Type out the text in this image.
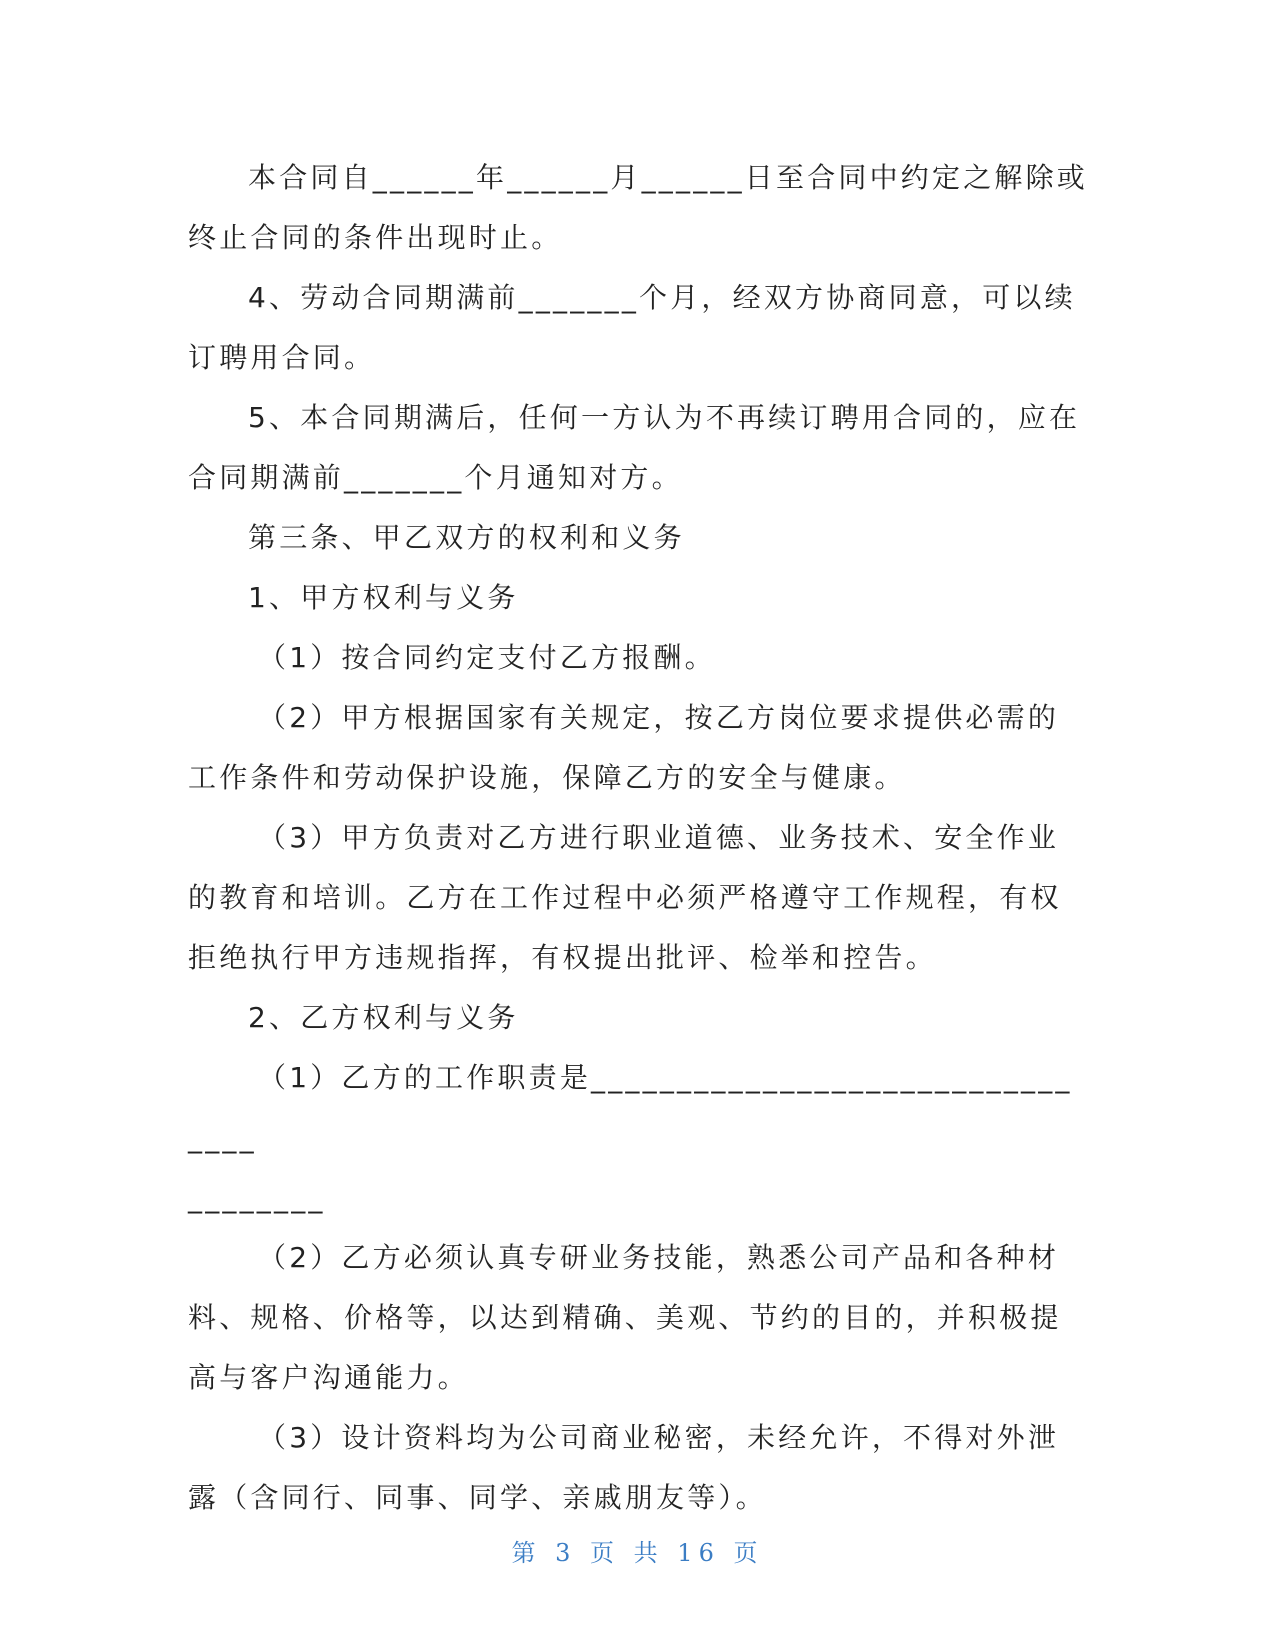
本合同自______年______月______日至合同中约定之解除或终止合同的条件出现时止。

4、劳动合同期满前_______个月，经双方协商同意，可以续订聘用合同。

5、本合同期满后，任何一方认为不再续订聘用合同的，应在合同期满前_______个月通知对方。

第三条、甲乙双方的权利和义务

1、甲方权利与义务

（1）按合同约定支付乙方报酬。

（2）甲方根据国家有关规定，按乙方岗位要求提供必需的工作条件和劳动保护设施，保障乙方的安全与健康。

（3）甲方负责对乙方进行职业道德、业务技术、安全作业的教育和培训。乙方在工作过程中必须严格遵守工作规程，有权拒绝执行甲方违规指挥，有权提出批评、检举和控告。

2、乙方权利与义务

（1）乙方的工作职责是________________________________

________

（2）乙方必须认真专研业务技能，熟悉公司产品和各种材料、规格、价格等，以达到精确、美观、节约的目的，并积极提高与客户沟通能力。

（3）设计资料均为公司商业秘密，未经允许，不得对外泄露（含同行、同事、同学、亲戚朋友等）。

第 3 页 共 16 页
